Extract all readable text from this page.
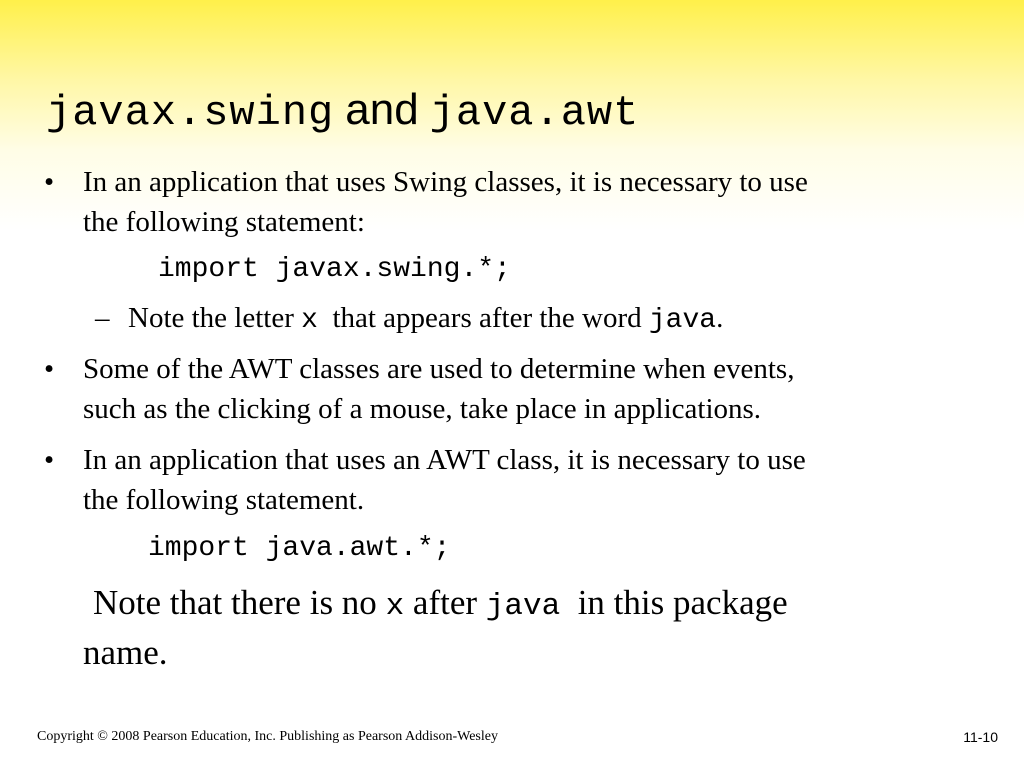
javax.swing and java.awt
• In an application that uses Swing classes, it is necessary to use

the following statement:

import javax.swing.*;

– Note the letter x that appears after the word java.

• Some of the AWT classes are used to determine when events,

such as the clicking of a mouse, take place in applications.

• In an application that uses an AWT class, it is necessary to use

the following statement.

import java.awt.*;

Note that there is no x after java in this package

name.

Copyright © 2008 Pearson Education, Inc. Publishing as Pearson Addison-Wesley	11-10
